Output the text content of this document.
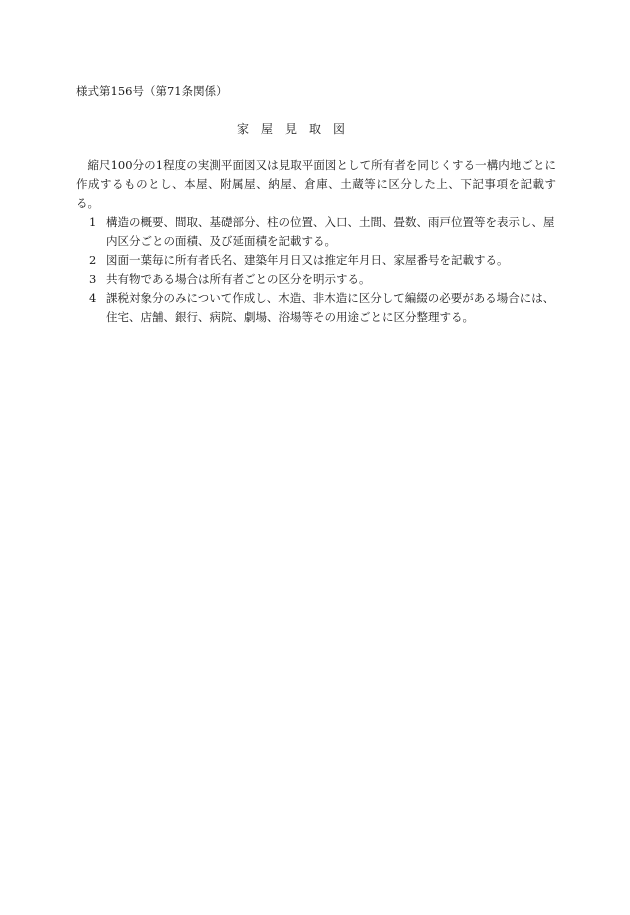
様式第156号（第71条関係）
家　屋　見　取　図

縮尺100分の1程度の実測平面図又は見取平面図として所有者を同じくする一構内地ごとに作成するものとし、本屋、附属屋、納屋、倉庫、土蔵等に区分した上、下記事項を記載する。

1 構造の概要、間取、基礎部分、柱の位置、入口、土間、畳数、雨戸位置等を表示し、屋内区分ごとの面積、及び延面積を記載する。

2 図面一葉毎に所有者氏名、建築年月日又は推定年月日、家屋番号を記載する。

3 共有物である場合は所有者ごとの区分を明示する。

4 課税対象分のみについて作成し、木造、非木造に区分して編綴の必要がある場合には、住宅、店舗、銀行、病院、劇場、浴場等その用途ごとに区分整理する。
